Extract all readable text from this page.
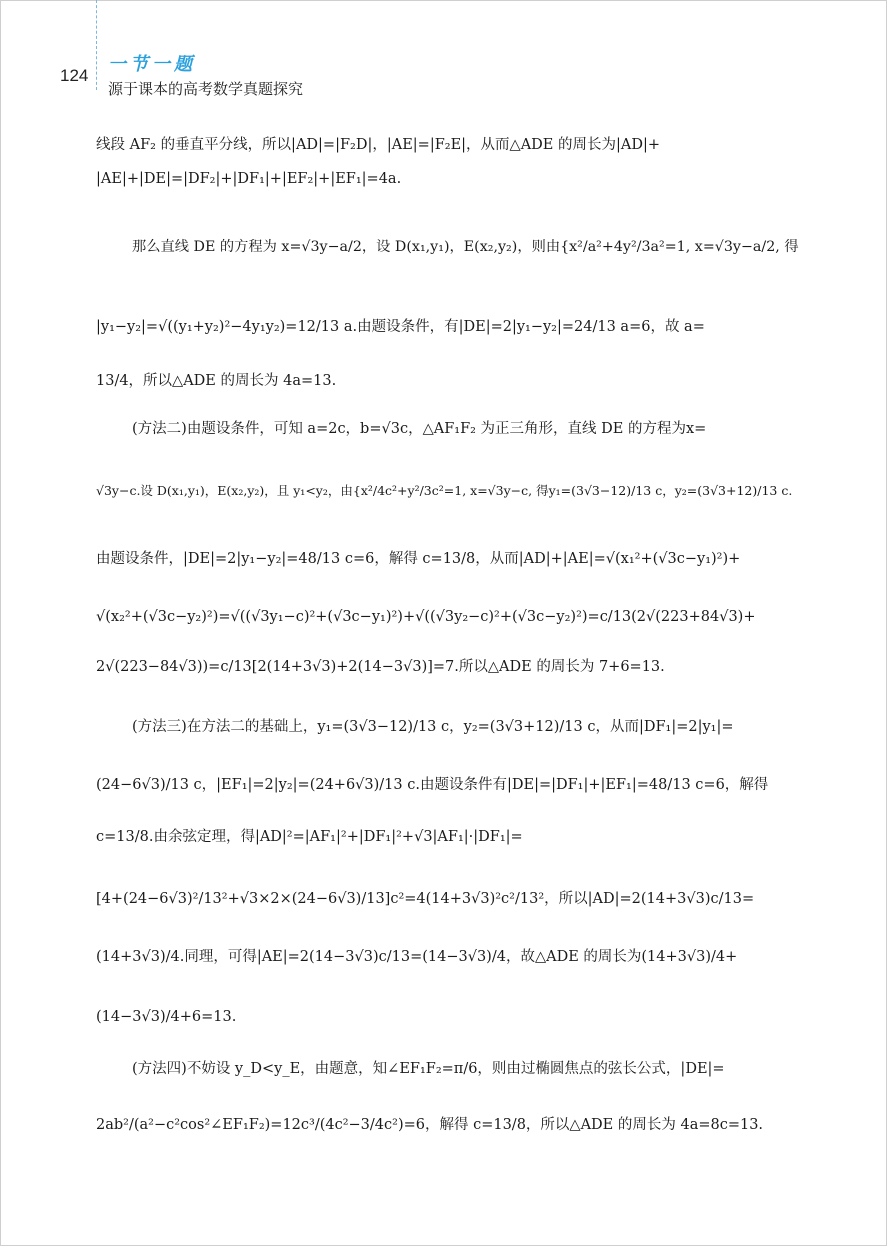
124
一节一题
源于课本的高考数学真题探究
线段 AF₂ 的垂直平分线，所以|AD|=|F₂D|，|AE|=|F₂E|，从而△ADE 的周长为|AD|+
|AE|+|DE|=|DF₂|+|DF₁|+|EF₂|+|EF₁|=4a.
那么直线 DE 的方程为 x=√3y−a/2，设 D(x₁,y₁)，E(x₂,y₂)，则由{x²/a²+4y²/3a²=1, x=√3y−a/2, 得
|y₁−y₂|=√((y₁+y₂)²−4y₁y₂)=12/13 a.由题设条件，有|DE|=2|y₁−y₂|=24/13 a=6，故 a=
13/4，所以△ADE 的周长为 4a=13.
(方法二)由题设条件，可知 a=2c，b=√3c，△AF₁F₂ 为正三角形，直线 DE 的方程为x=
√3y−c.设 D(x₁,y₁)，E(x₂,y₂)，且 y₁<y₂，由{x²/4c²+y²/3c²=1, x=√3y−c, 得y₁=(3√3−12)/13 c，y₂=(3√3+12)/13 c.
由题设条件，|DE|=2|y₁−y₂|=48/13 c=6，解得 c=13/8，从而|AD|+|AE|=√(x₁²+(√3c−y₁)²)+
√(x₂²+(√3c−y₂)²)=√((√3y₁−c)²+(√3c−y₁)²)+√((√3y₂−c)²+(√3c−y₂)²)=c/13(2√(223+84√3)+
2√(223−84√3))=c/13[2(14+3√3)+2(14−3√3)]=7.所以△ADE 的周长为 7+6=13.
(方法三)在方法二的基础上，y₁=(3√3−12)/13 c，y₂=(3√3+12)/13 c，从而|DF₁|=2|y₁|=
(24−6√3)/13 c，|EF₁|=2|y₂|=(24+6√3)/13 c.由题设条件有|DE|=|DF₁|+|EF₁|=48/13 c=6，解得
c=13/8.由余弦定理，得|AD|²=|AF₁|²+|DF₁|²+√3|AF₁|·|DF₁|=
[4+(24−6√3)²/13²+√3×2×(24−6√3)/13]c²=4(14+3√3)²c²/13²，所以|AD|=2(14+3√3)c/13=
(14+3√3)/4.同理，可得|AE|=2(14−3√3)c/13=(14−3√3)/4，故△ADE 的周长为(14+3√3)/4+
(14−3√3)/4+6=13.
(方法四)不妨设 y_D<y_E，由题意，知∠EF₁F₂=π/6，则由过椭圆焦点的弦长公式，|DE|=
2ab²/(a²−c²cos²∠EF₁F₂)=12c³/(4c²−3/4c²)=6，解得 c=13/8，所以△ADE 的周长为 4a=8c=13.
